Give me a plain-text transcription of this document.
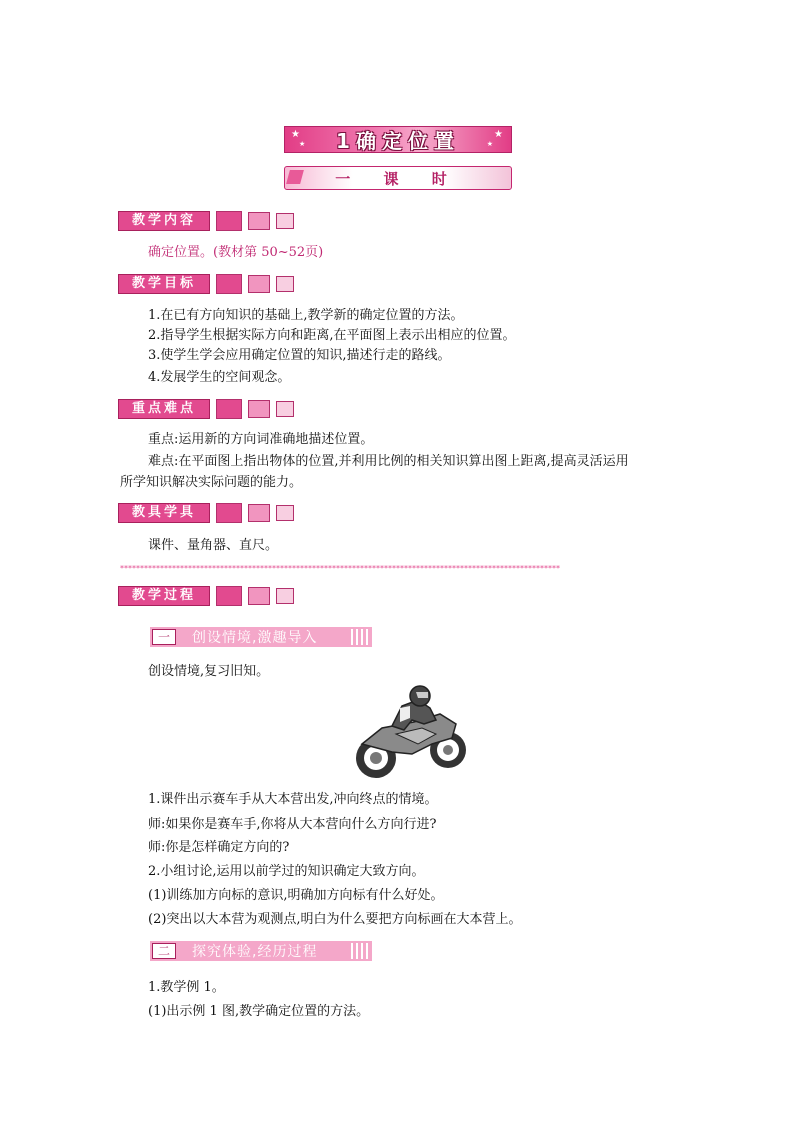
★
★
★
★
1确定位置
一 课 时
教学内容
确定位置。(教材第 50~52页)
教学目标
1.在已有方向知识的基础上,教学新的确定位置的方法。
2.指导学生根据实际方向和距离,在平面图上表示出相应的位置。
3.使学生学会应用确定位置的知识,描述行走的路线。
4.发展学生的空间观念。
重点难点
重点:运用新的方向词准确地描述位置。
难点:在平面图上指出物体的位置,并利用比例的相关知识算出图上距离,提高灵活运用
所学知识解决实际问题的能力。
教具学具
课件、量角器、直尺。
**************************************************************************************************************
教学过程
一	创设情境,激趣导入
创设情境,复习旧知。
1.课件出示赛车手从大本营出发,冲向终点的情境。
师:如果你是赛车手,你将从大本营向什么方向行进?
师:你是怎样确定方向的?
2.小组讨论,运用以前学过的知识确定大致方向。
(1)训练加方向标的意识,明确加方向标有什么好处。
(2)突出以大本营为观测点,明白为什么要把方向标画在大本营上。
二	探究体验,经历过程
1.教学例 1。
(1)出示例 1 图,教学确定位置的方法。
